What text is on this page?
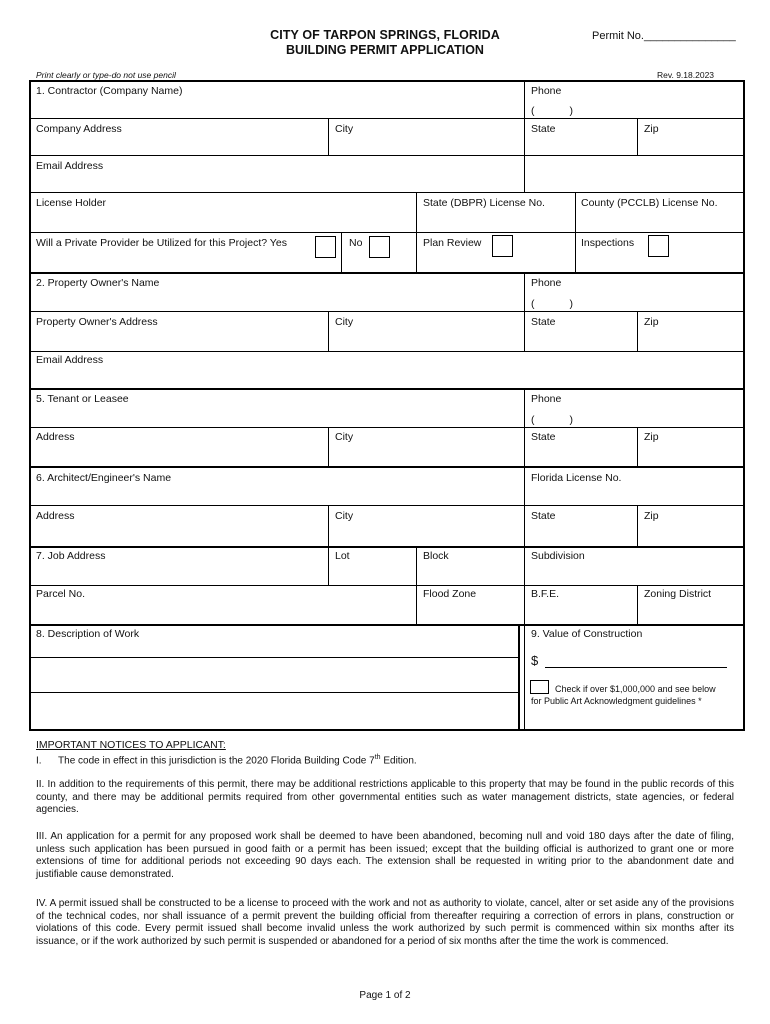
CITY OF TARPON SPRINGS, FLORIDA
BUILDING PERMIT APPLICATION
Permit No._______________
Print clearly or type-do not use pencil	Rev. 9.18.2023
1. Contractor (Company Name)	Phone
(            )
Company Address	City	State	Zip
Email Address
License Holder	State (DBPR) License No.	County (PCCLB) License No.
Will a Private Provider be Utilized for this Project? Yes	No	Plan Review	Inspections
2. Property Owner's Name	Phone
(            )
Property Owner's Address	City	State	Zip
Email Address
5. Tenant or Leasee	Phone
(            )
Address	City	State	Zip
6. Architect/Engineer's Name	Florida License No.
Address	City	State	Zip
7. Job Address	Lot	Block	Subdivision
Parcel No.	Flood Zone	B.F.E.	Zoning District
8. Description of Work	9. Value of Construction
$
Check if over $1,000,000 and see below
for Public Art Acknowledgment guidelines *
IMPORTANT NOTICES TO APPLICANT:
I.      The code in effect in this jurisdiction is the 2020 Florida Building Code 7th Edition.
II. In addition to the requirements of this permit, there may be additional restrictions applicable to this property that may be found in the public records of this county, and there may be additional permits required from other governmental entities such as water management districts, state agencies, or federal agencies.
III. An application for a permit for any proposed work shall be deemed to have been abandoned, becoming null and void 180 days after the date of filing, unless such application has been pursued in good faith or a permit has been issued; except that the building official is authorized to grant one or more extensions of time for additional periods not exceeding 90 days each. The extension shall be requested in writing prior to the abandonment date and justifiable cause demonstrated.
IV. A permit issued shall be constructed to be a license to proceed with the work and not as authority to violate, cancel, alter or set aside any of the provisions of the technical codes, nor shall issuance of a permit prevent the building official from thereafter requiring a correction of errors in plans, construction or violations of this code. Every permit issued shall become invalid unless the work authorized by such permit is commenced within six months after its issuance, or if the work authorized by such permit is suspended or abandoned for a period of six months after the time the work is commenced.
Page 1 of 2
